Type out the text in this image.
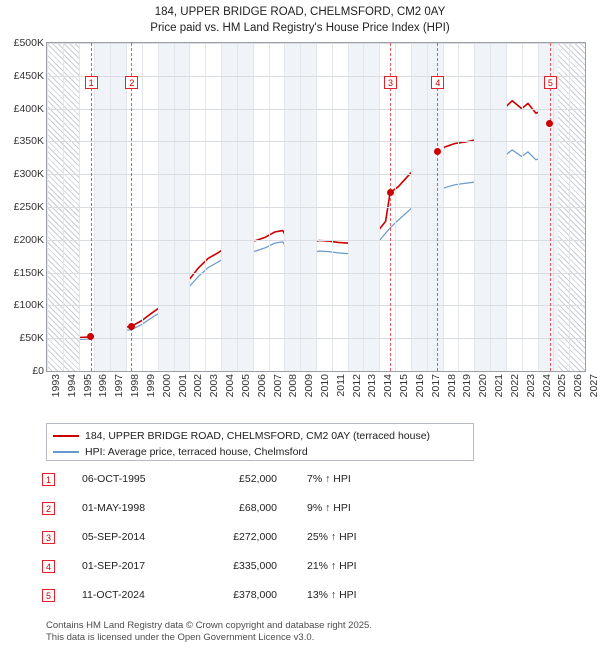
184, UPPER BRIDGE ROAD, CHELMSFORD, CM2 0AY
Price paid vs. HM Land Registry's House Price Index (HPI)
£0
£50K
£100K
£150K
£200K
£250K
£300K
£350K
£400K
£450K
£500K
1	2	3	4	5
1993 1994 1995 1996 1997 1998 1999 2000 2001 2002 2003 2004 2005 2006 2007 2008 2009 2010 2011 2012 2013 2014 2015 2016 2017 2018 2019 2020 2021 2022 2023 2024 2025 2026 2027
184, UPPER BRIDGE ROAD, CHELMSFORD, CM2 0AY (terraced house)
HPI: Average price, terraced house, Chelmsford
1	06-OCT-1995	£52,000	7% ↑ HPI
2	01-MAY-1998	£68,000	9% ↑ HPI
3	05-SEP-2014	£272,000	25% ↑ HPI
4	01-SEP-2017	£335,000	21% ↑ HPI
5	11-OCT-2024	£378,000	13% ↑ HPI
Contains HM Land Registry data © Crown copyright and database right 2025.
This data is licensed under the Open Government Licence v3.0.
